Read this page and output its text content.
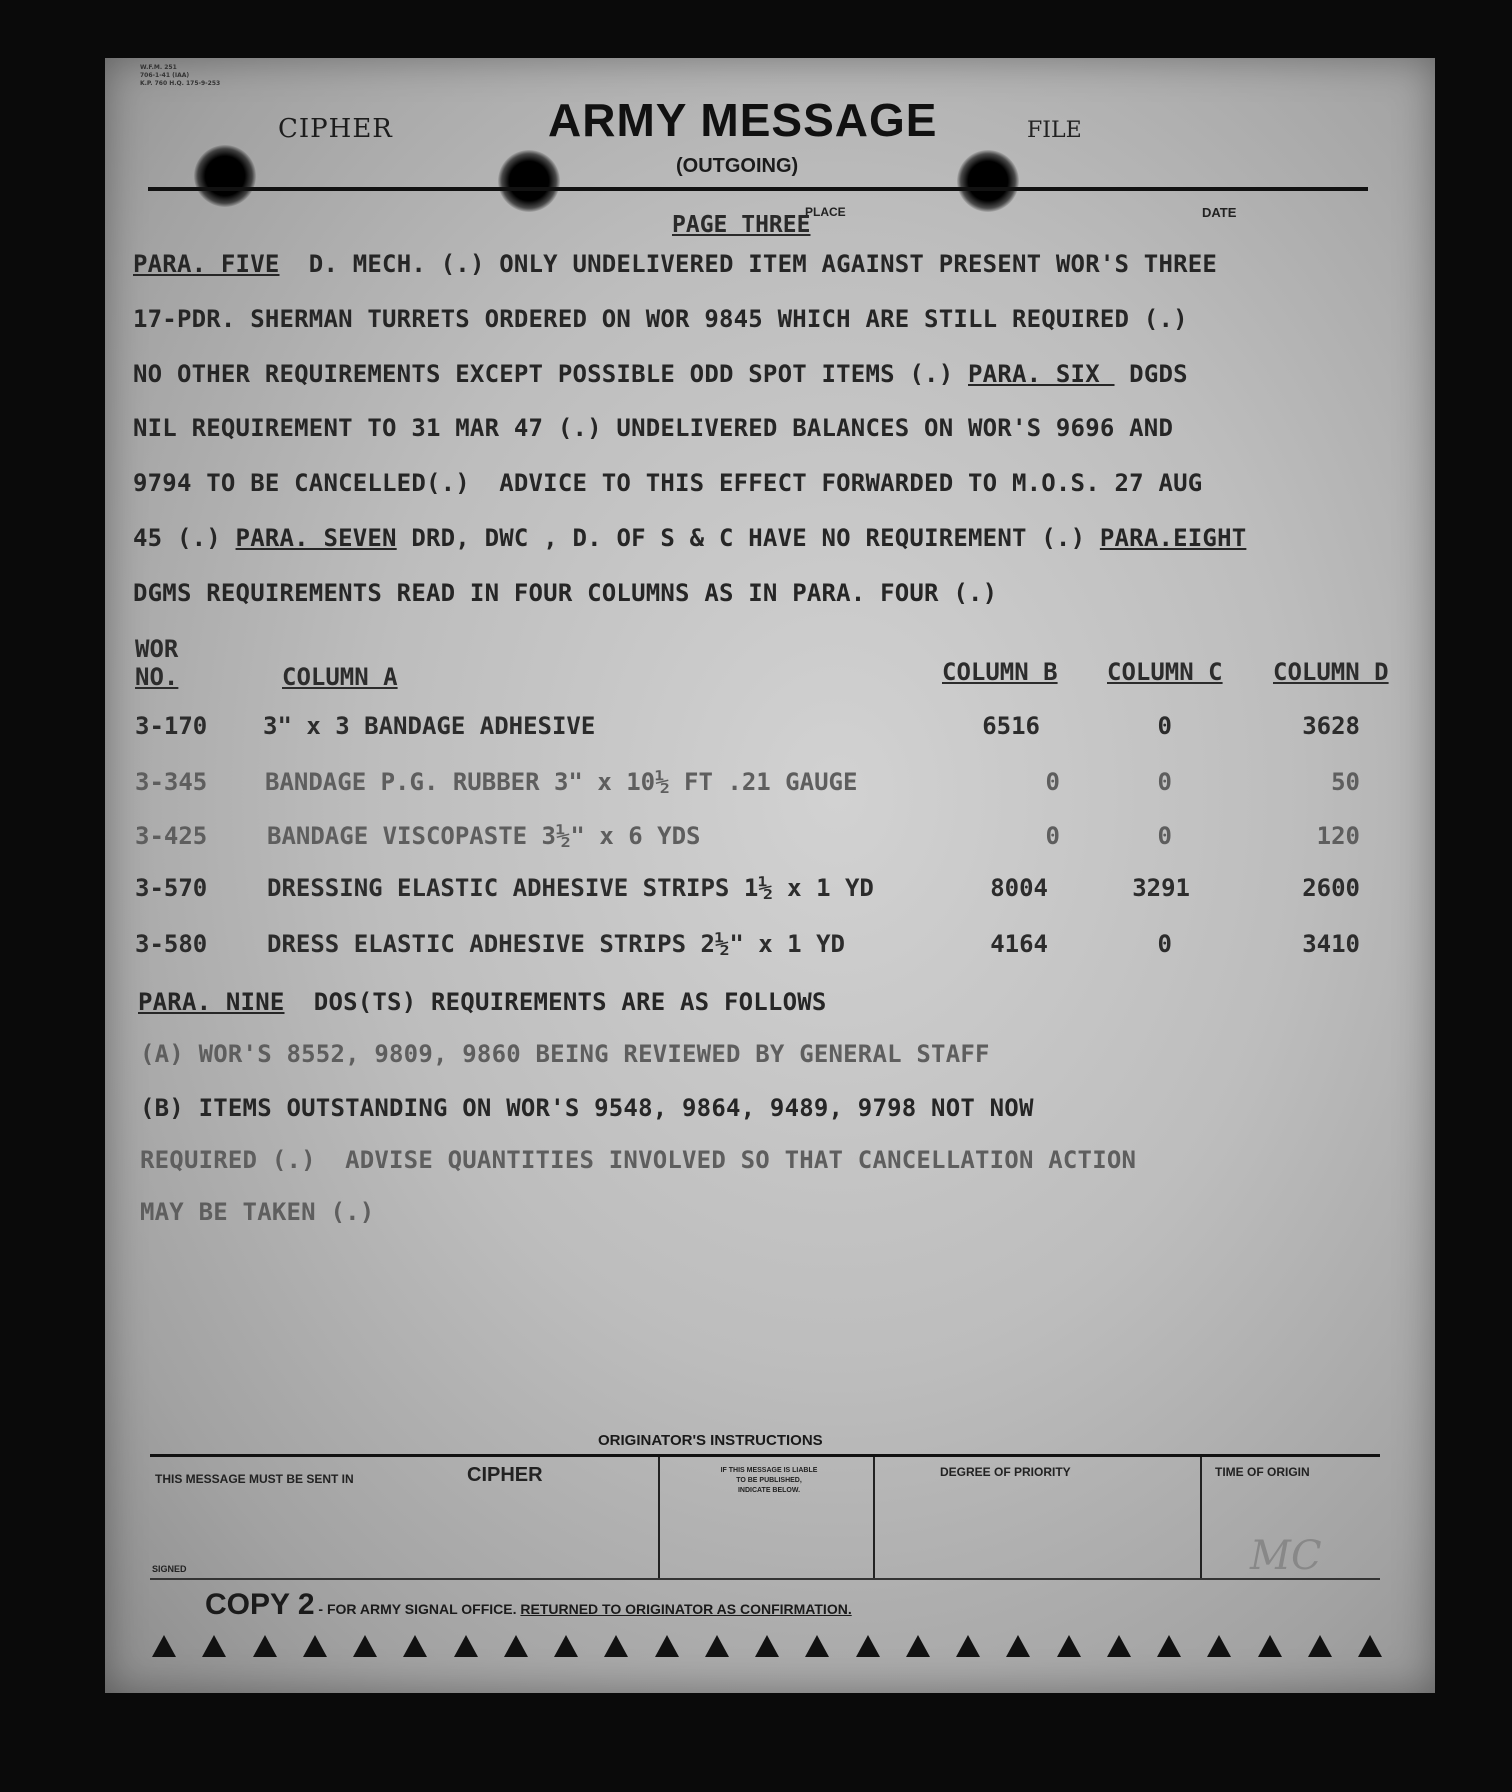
W.F.M. 251
706-1-41 (IAA)
K.P. 760 H.Q. 175-9-253
CIPHER	ARMY MESSAGE
(OUTGOING)
FILE
PLACE	DATE
PAGE THREE
PARA. FIVE  D. MECH. (.) ONLY UNDELIVERED ITEM AGAINST PRESENT WOR'S THREE
17-PDR. SHERMAN TURRETS ORDERED ON WOR 9845 WHICH ARE STILL REQUIRED (.)
NO OTHER REQUIREMENTS EXCEPT POSSIBLE ODD SPOT ITEMS (.) PARA. SIX  DGDS
NIL REQUIREMENT TO 31 MAR 47 (.) UNDELIVERED BALANCES ON WOR'S 9696 AND
9794 TO BE CANCELLED(.)  ADVICE TO THIS EFFECT FORWARDED TO M.O.S. 27 AUG
45 (.) PARA. SEVEN DRD, DWC , D. OF S & C HAVE NO REQUIREMENT (.) PARA.EIGHT
DGMS REQUIREMENTS READ IN FOUR COLUMNS AS IN PARA. FOUR (.)
WOR
NO.	COLUMN A	COLUMN B COLUMN C COLUMN D
3-170 3" x 3 BANDAGE ADHESIVE	6516	0	3628
3-345 BANDAGE P.G. RUBBER 3" x 10½ FT .21 GAUGE	0	0	50
3-425 BANDAGE VISCOPASTE 3½" x 6 YDS	0	0	120
3-570 DRESSING ELASTIC ADHESIVE STRIPS 1½ x 1 YD	8004	3291	2600
3-580 DRESS ELASTIC ADHESIVE STRIPS 2½" x 1 YD	4164	0	3410
PARA. NINE  DOS(TS) REQUIREMENTS ARE AS FOLLOWS
(A) WOR'S 8552, 9809, 9860 BEING REVIEWED BY GENERAL STAFF
(B) ITEMS OUTSTANDING ON WOR'S 9548, 9864, 9489, 9798 NOT NOW
REQUIRED (.)  ADVISE QUANTITIES INVOLVED SO THAT CANCELLATION ACTION
MAY BE TAKEN (.)
ORIGINATOR'S INSTRUCTIONS
THIS MESSAGE MUST BE SENT IN	CIPHER	IF THIS MESSAGE IS LIABLE
TO BE PUBLISHED,
INDICATE BELOW.
DEGREE OF PRIORITY	TIME OF ORIGIN
SIGNED	MC
COPY 2 - FOR ARMY SIGNAL OFFICE. RETURNED TO ORIGINATOR AS CONFIRMATION.
